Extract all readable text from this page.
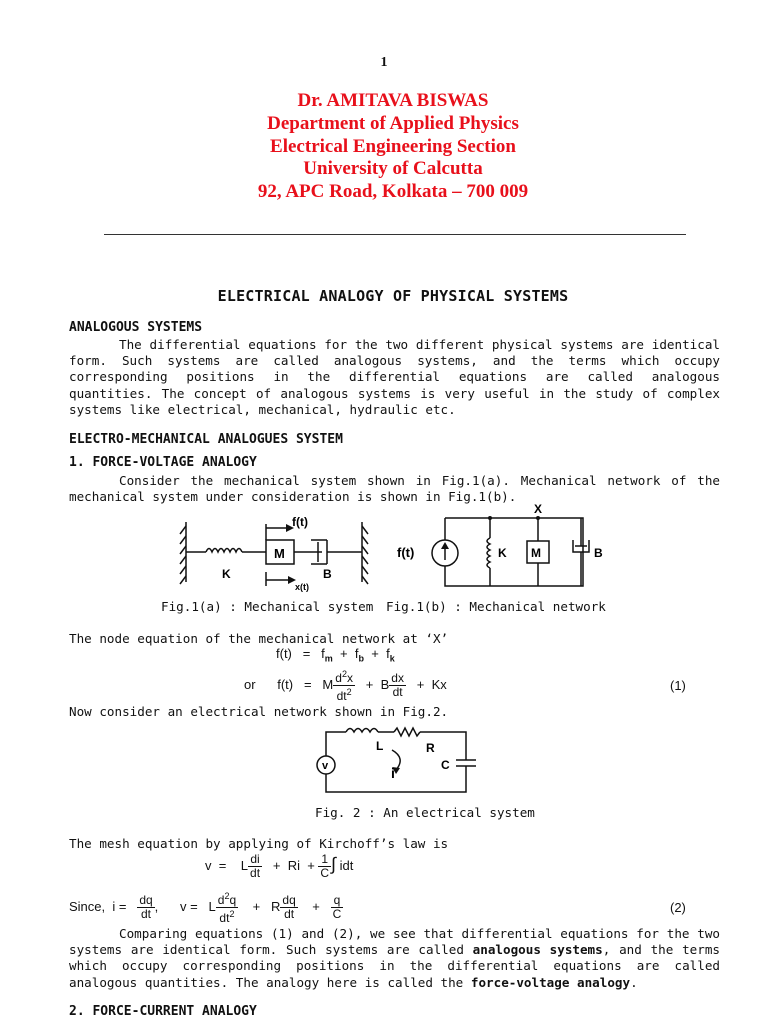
1
Dr. AMITAVA BISWAS
Department of Applied Physics
Electrical Engineering Section
University of Calcutta
92, APC Road, Kolkata – 700 009
ELECTRICAL ANALOGY OF PHYSICAL SYSTEMS
ANALOGOUS SYSTEMS
The differential equations for the two different physical systems are identical form. Such systems are called analogous systems, and the terms which occupy corresponding positions in the differential equations are called analogous quantities. The concept of analogous systems is very useful in the study of complex systems like electrical, mechanical, hydraulic etc.
ELECTRO-MECHANICAL ANALOGUES SYSTEM
1. FORCE-VOLTAGE ANALOGY
Consider the mechanical system shown in Fig.1(a). Mechanical network of the mechanical system under consideration is shown in Fig.1(b).
f(t)
M
K	B
x(t)
X
f(t)	K M	B
Fig.1(a) : Mechanical system Fig.1(b) : Mechanical network
The node equation of the mechanical network at ‘X’
$f(t) = f_m + f_b + f_k$
or f(t) = M $\frac{d^2x}{dt^2} + B \frac{dx}{dt} + Kx$	(1)
Now consider an electrical network shown in Fig.2.
v
L	R
C
i
Fig. 2 : An electrical system
The mesh equation by applying of Kirchoff’s law is
v = L $\frac{di}{dt} + Ri + \frac{1}{C}$ ∫ idt
Since, $i = \frac{dq}{dt}$ ,      v =   L $\frac{d^2q}{dt^2} + R \frac{dq}{dt} + \frac{q}{C}$	(2)
Comparing equations (1) and (2), we see that differential equations for the two systems are identical form. Such systems are called analogous systems, and the terms which occupy corresponding positions in the differential equations are called analogous quantities. The analogy here is called the force-voltage analogy.
2. FORCE-CURRENT ANALOGY
